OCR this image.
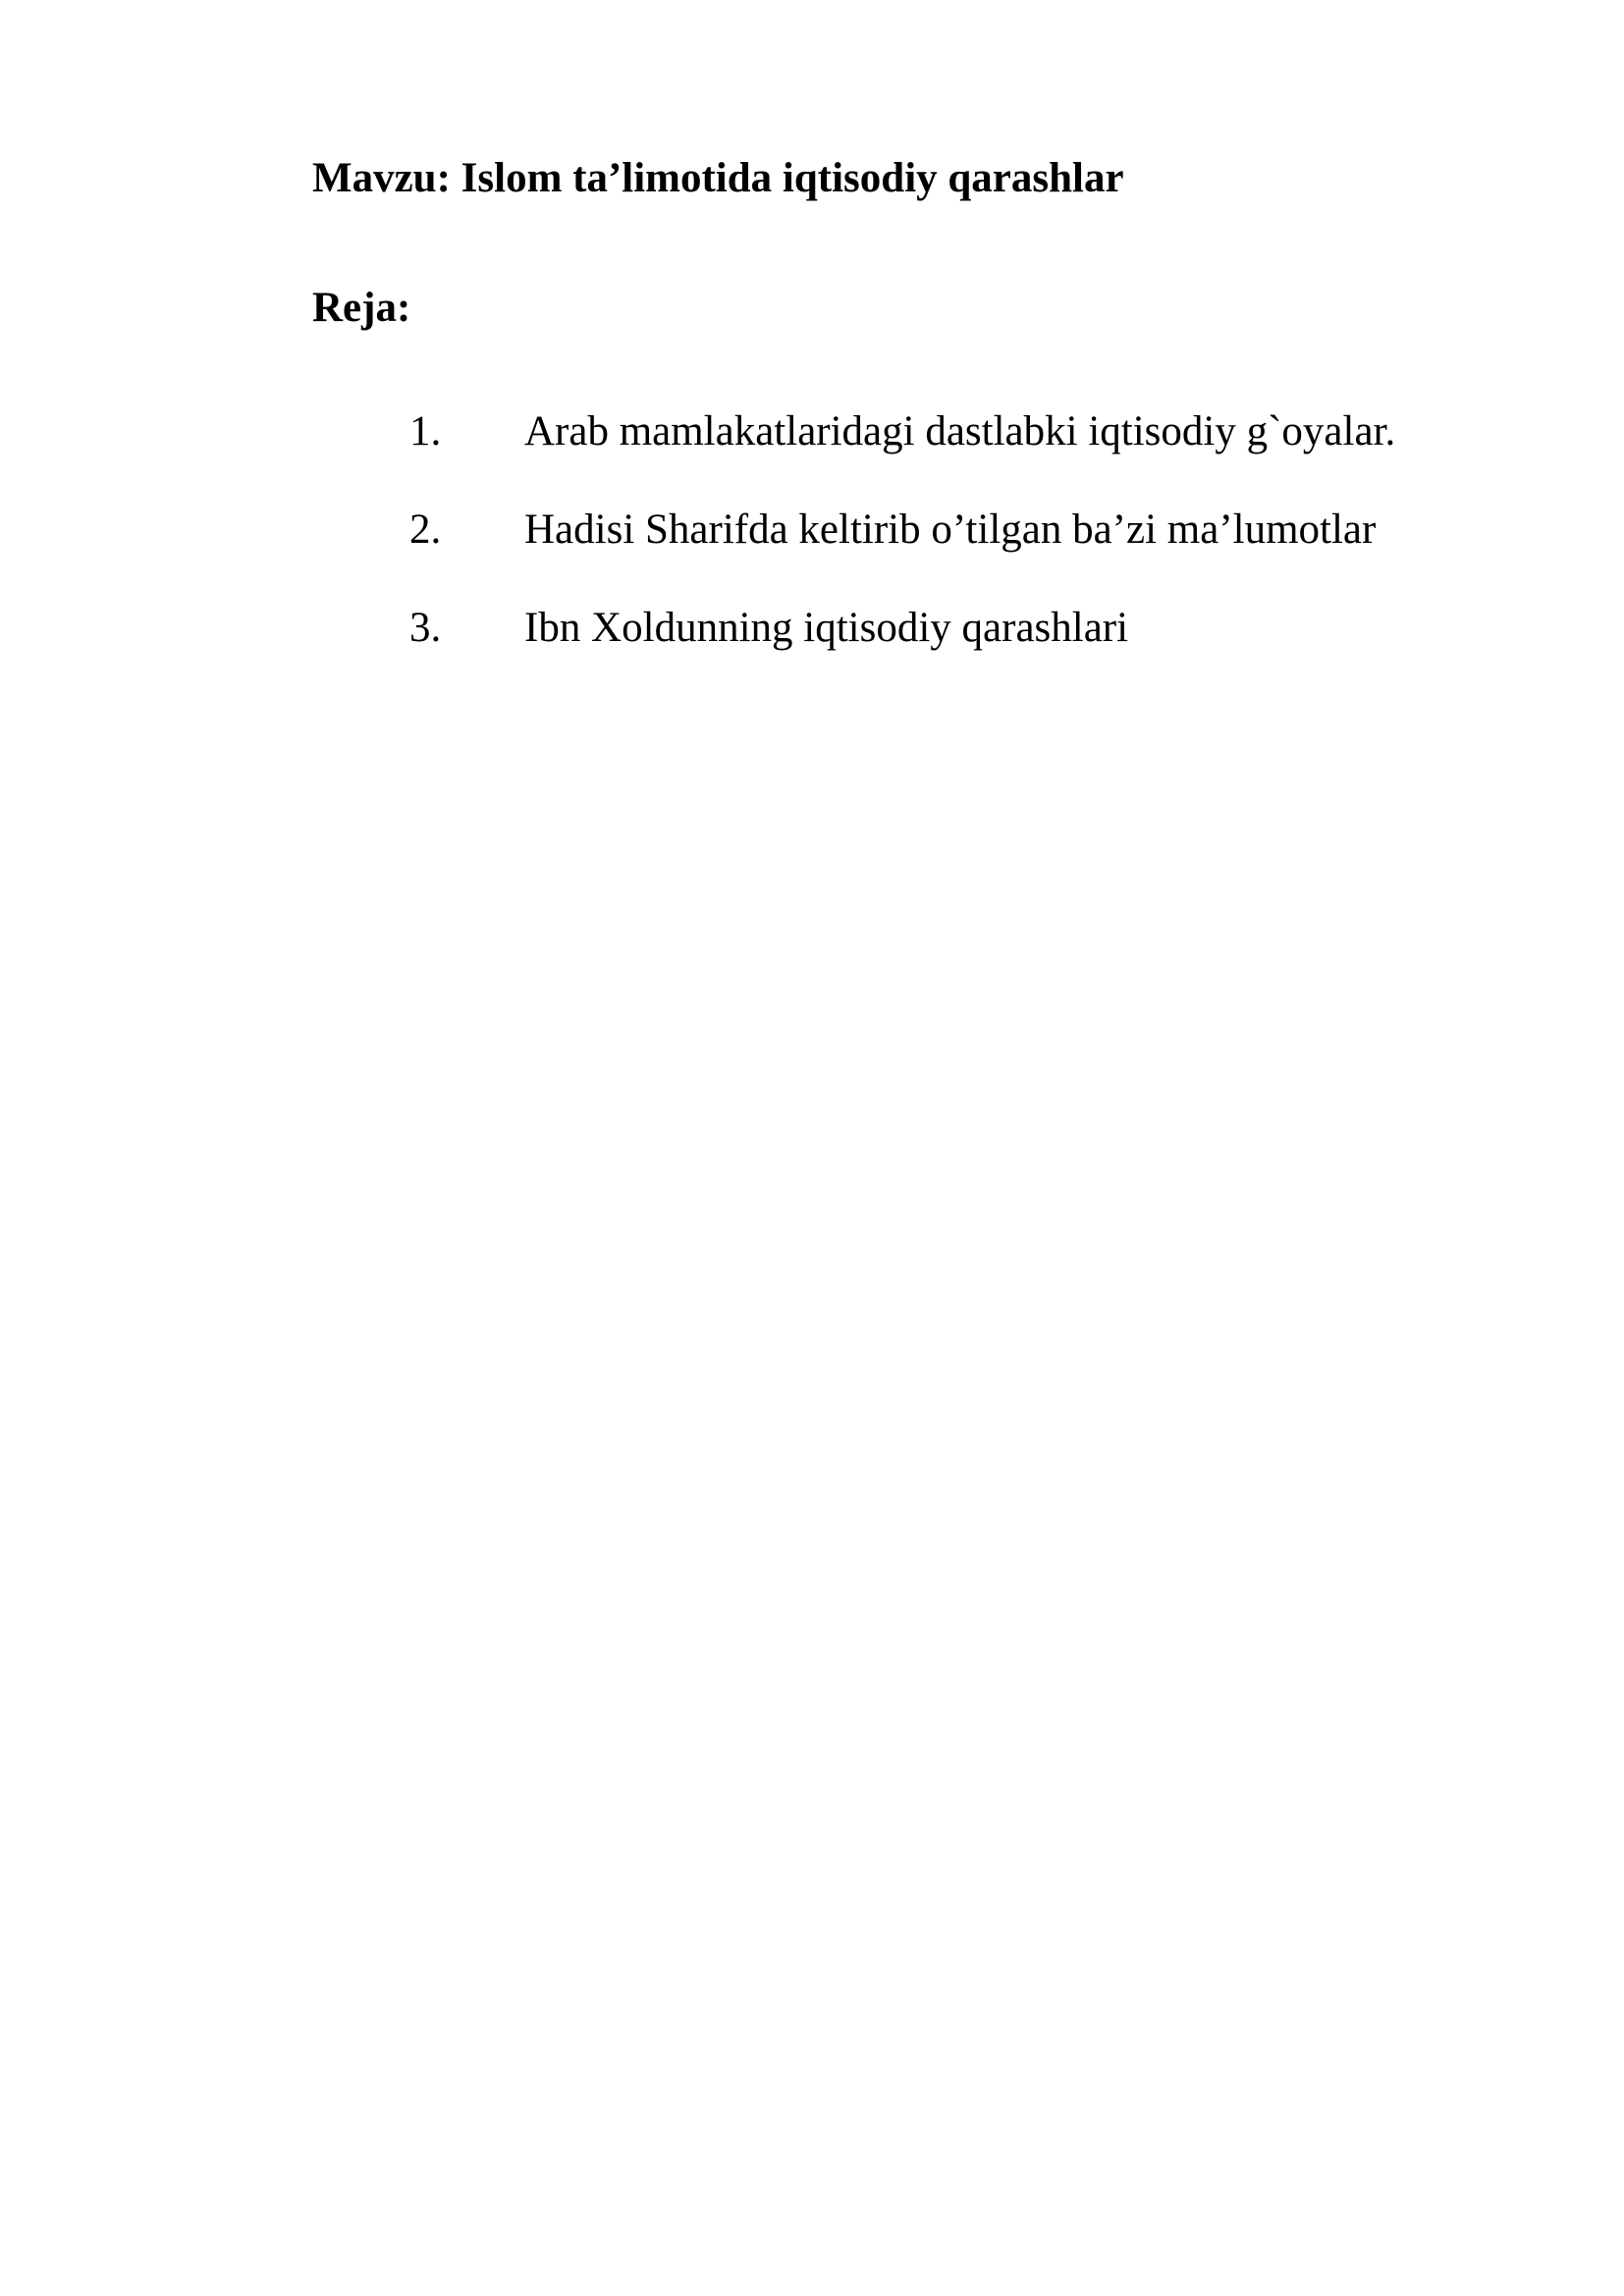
Mavzu: Islom ta’limotida iqtisodiy qarashlar
Reja:
1. Arab mamlakatlaridagi dastlabki iqtisodiy g`oyalar.
2. Hadisi Sharifda keltirib o’tilgan ba’zi ma’lumotlar
3. Ibn Xoldunning iqtisodiy qarashlari
